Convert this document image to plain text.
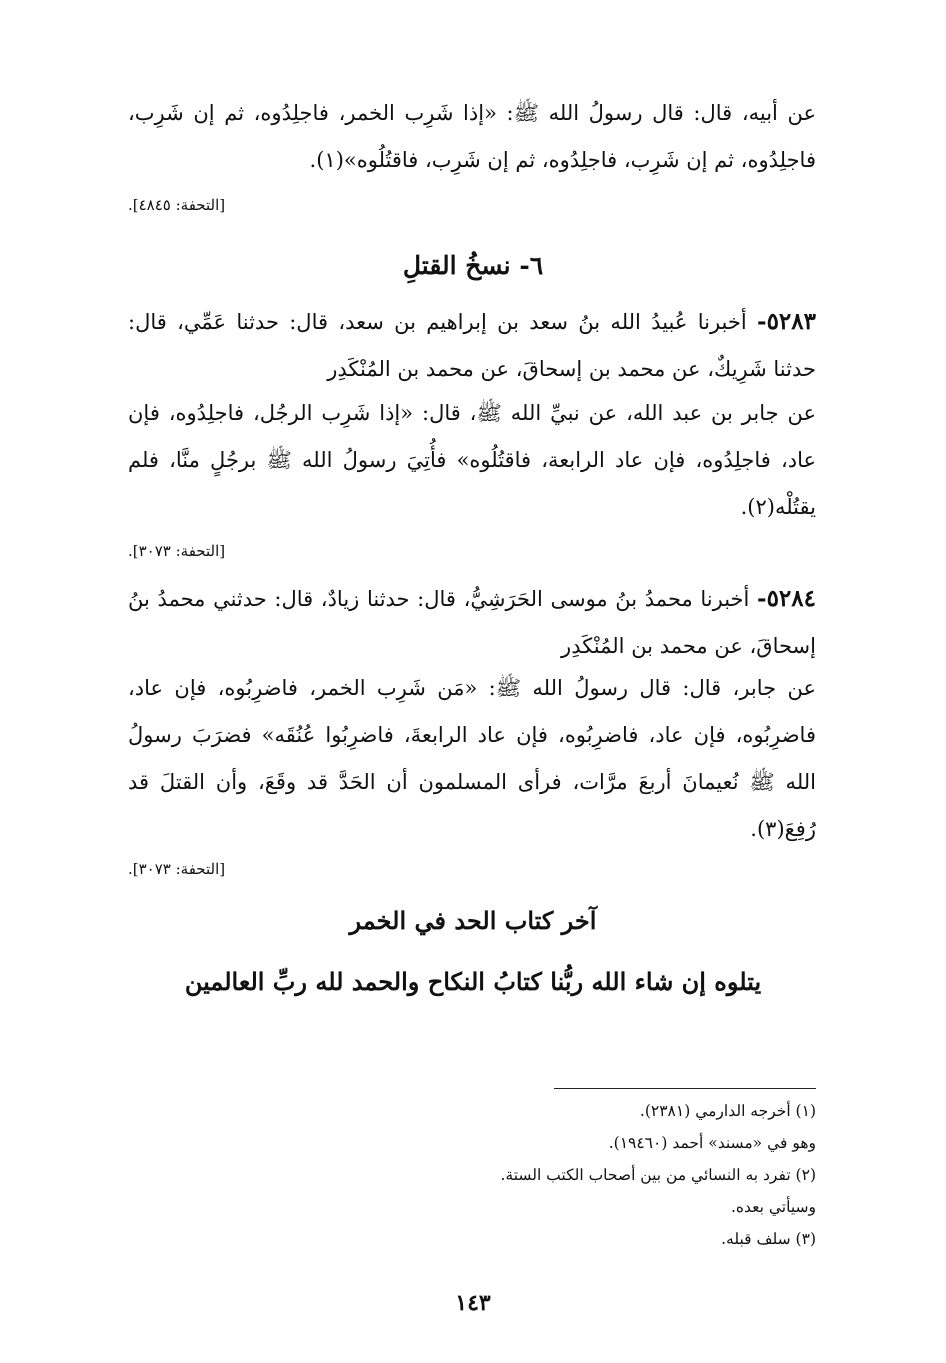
عن أبيه، قال: قال رسولُ الله ﷺ: «إذا شَرِب الخمر، فاجلِدُوه، ثم إن شَرِب، فاجلِدُوه، ثم إن شَرِب، فاجلِدُوه، ثم إن شَرِب، فاقتُلُوه»(١).

[التحفة: ٤٨٤٥].
٦- نسخُ القتلِ

٥٢٨٣- أخبرنا عُبيدُ الله بنُ سعد بن إبراهيم بن سعد، قال: حدثنا عَمِّي، قال: حدثنا شَرِيكٌ، عن محمد بن إسحاقَ، عن محمد بن المُنْكَدِر

عن جابر بن عبد الله، عن نبيِّ الله ﷺ، قال: «إذا شَرِب الرجُل، فاجلِدُوه، فإن عاد، فاجلِدُوه، فإن عاد الرابعة، فاقتُلُوه» فأُتِيَ رسولُ الله ﷺ برجُلٍ منَّا، فلم يقتُلْه(٢).

[التحفة: ٣٠٧٣].

٥٢٨٤- أخبرنا محمدُ بنُ موسى الحَرَشِيُّ، قال: حدثنا زيادٌ، قال: حدثني محمدُ بنُ إسحاقَ، عن محمد بن المُنْكَدِر

عن جابر، قال: قال رسولُ الله ﷺ: «مَن شَرِب الخمر، فاضرِبُوه، فإن عاد، فاضرِبُوه، فإن عاد، فاضرِبُوه، فإن عاد الرابعةَ، فاضرِبُوا عُنُقَه» فضرَبَ رسولُ الله ﷺ نُعيمانَ أربعَ مرَّات، فرأى المسلمون أن الحَدَّ قد وقَعَ، وأن القتلَ قد رُفِعَ(٣).

[التحفة: ٣٠٧٣].
آخر كتاب الحد في الخمر
يتلوه إن شاء الله ربُّنا كتابُ النكاح والحمد لله ربِّ العالمين
(١) أخرجه الدارمي (٢٣٨١).
وهو في «مسند» أحمد (١٩٤٦٠).
(٢) تفرد به النسائي من بين أصحاب الكتب الستة.
وسيأتي بعده.
(٣) سلف قبله.
١٤٣
